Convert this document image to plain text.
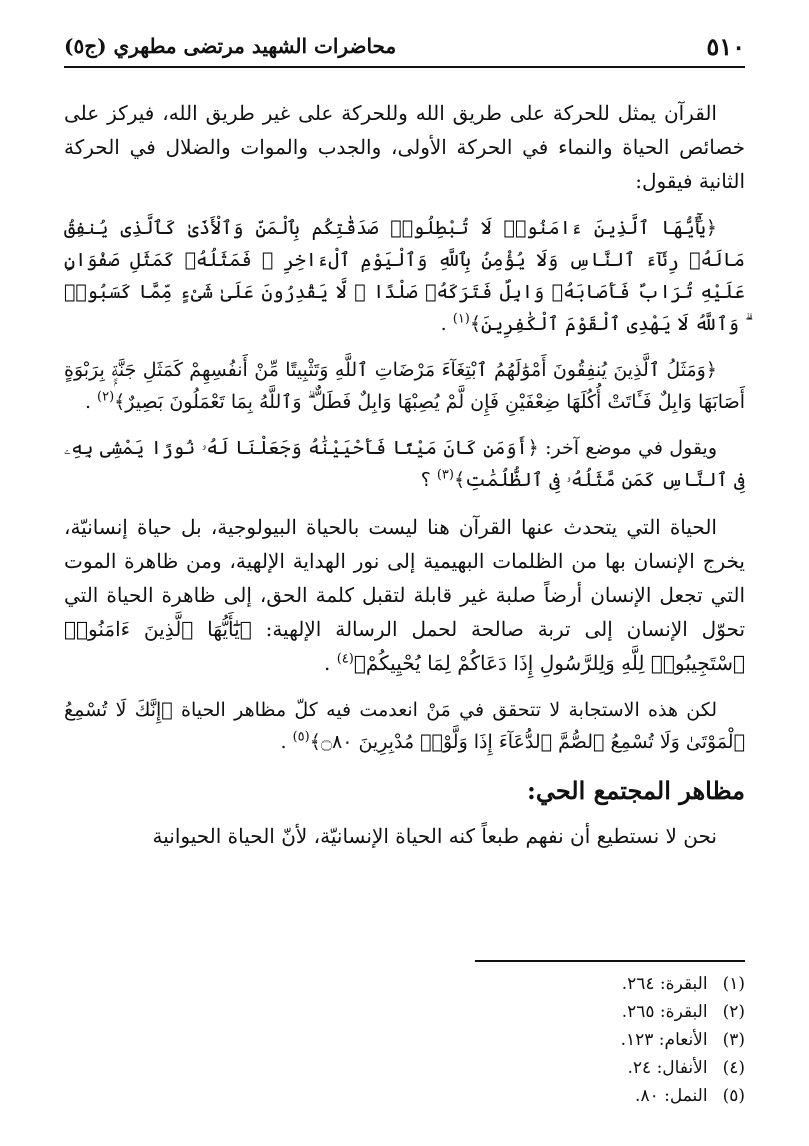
٥١٠
محاضرات الشهيد مرتضى مطهري (ج٥)

القرآن يمثل للحركة على طريق الله وللحركة على غير طريق الله، فيركز على خصائص الحياة والنماء في الحركة الأولى، والجدب والموات والضلال في الحركة الثانية فيقول:

﴿يَٰٓأَيُّهَا ٱلَّذِينَ ءَامَنُوا۟ لَا تُبْطِلُوا۟ صَدَقَٰتِكُم بِٱلْمَنِّ وَٱلْأَذَىٰ كَٱلَّذِى يُنفِقُ مَالَهُۥ رِئَآءَ ٱلنَّاسِ وَلَا يُؤْمِنُ بِٱللَّهِ وَٱلْيَوْمِ ٱلْءَاخِرِ ۖ فَمَثَلُهُۥ كَمَثَلِ صَفْوَانٍ عَلَيْهِ تُرَابٌ فَأَصَابَهُۥ وَابِلٌ فَتَرَكَهُۥ صَلْدًا ۖ لَّا يَقْدِرُونَ عَلَىٰ شَىْءٍ مِّمَّا كَسَبُوا۟ ۗ وَٱللَّهُ لَا يَهْدِى ٱلْقَوْمَ ٱلْكَٰفِرِينَ﴾$^{(١)}$ .

﴿وَمَثَلُ ٱلَّذِينَ يُنفِقُونَ أَمْوَٰلَهُمُ ٱبْتِغَآءَ مَرْضَاتِ ٱللَّهِ وَتَثْبِيتًا مِّنْ أَنفُسِهِمْ كَمَثَلِ جَنَّةٍۭ بِرَبْوَةٍ أَصَابَهَا وَابِلٌ فَـَٔاتَتْ أُكُلَهَا ضِعْفَيْنِ فَإِن لَّمْ يُصِبْهَا وَابِلٌ فَطَلٌّ ۗ وَٱللَّهُ بِمَا تَعْمَلُونَ بَصِيرٌ﴾$^{(٢)}$ .

ويقول في موضع آخر: ﴿أَوَمَن كَانَ مَيْتًا فَأَحْيَيْنَٰهُ وَجَعَلْنَا لَهُۥ نُورًا يَمْشِى بِهِۦ فِى ٱلنَّاسِ كَمَن مَّثَلُهُۥ فِى ٱلظُّلُمَٰتِ﴾$^{(٣)}$ ؟

الحياة التي يتحدث عنها القرآن هنا ليست بالحياة البيولوجية، بل حياة إنسانيّة، يخرج الإنسان بها من الظلمات البهيمية إلى نور الهداية الإلهية، ومن ظاهرة الموت التي تجعل الإنسان أرضاً صلبة غير قابلة لتقبل كلمة الحق، إلى ظاهرة الحياة التي تحوّل الإنسان إلى تربة صالحة لحمل الرسالة الإلهية: ﴿يَٰٓأَيُّهَا ٱلَّذِينَ ءَامَنُوا۟ ٱسْتَجِيبُوا۟ لِلَّهِ وَلِلرَّسُولِ إِذَا دَعَاكُمْ لِمَا يُحْيِيكُمْ﴾$^{(٤)}$ .

لكن هذه الاستجابة لا تتحقق في مَنْ انعدمت فيه كلّ مظاهر الحياة ﴿إِنَّكَ لَا تُسْمِعُ ٱلْمَوْتَىٰ وَلَا تُسْمِعُ ٱلصُّمَّ ٱلدُّعَآءَ إِذَا وَلَّوْا۟ مُدْبِرِينَ ۝٨٠﴾$^{(٥)}$ .

مظاهر المجتمع الحي:

نحن لا نستطيع أن نفهم طبعاً كنه الحياة الإنسانيّة، لأنّ الحياة الحيوانية

(١) البقرة: ٢٦٤.
(٢) البقرة: ٢٦٥.
(٣) الأنعام: ١٢٣.
(٤) الأنفال: ٢٤.
(٥) النمل: ٨٠.
